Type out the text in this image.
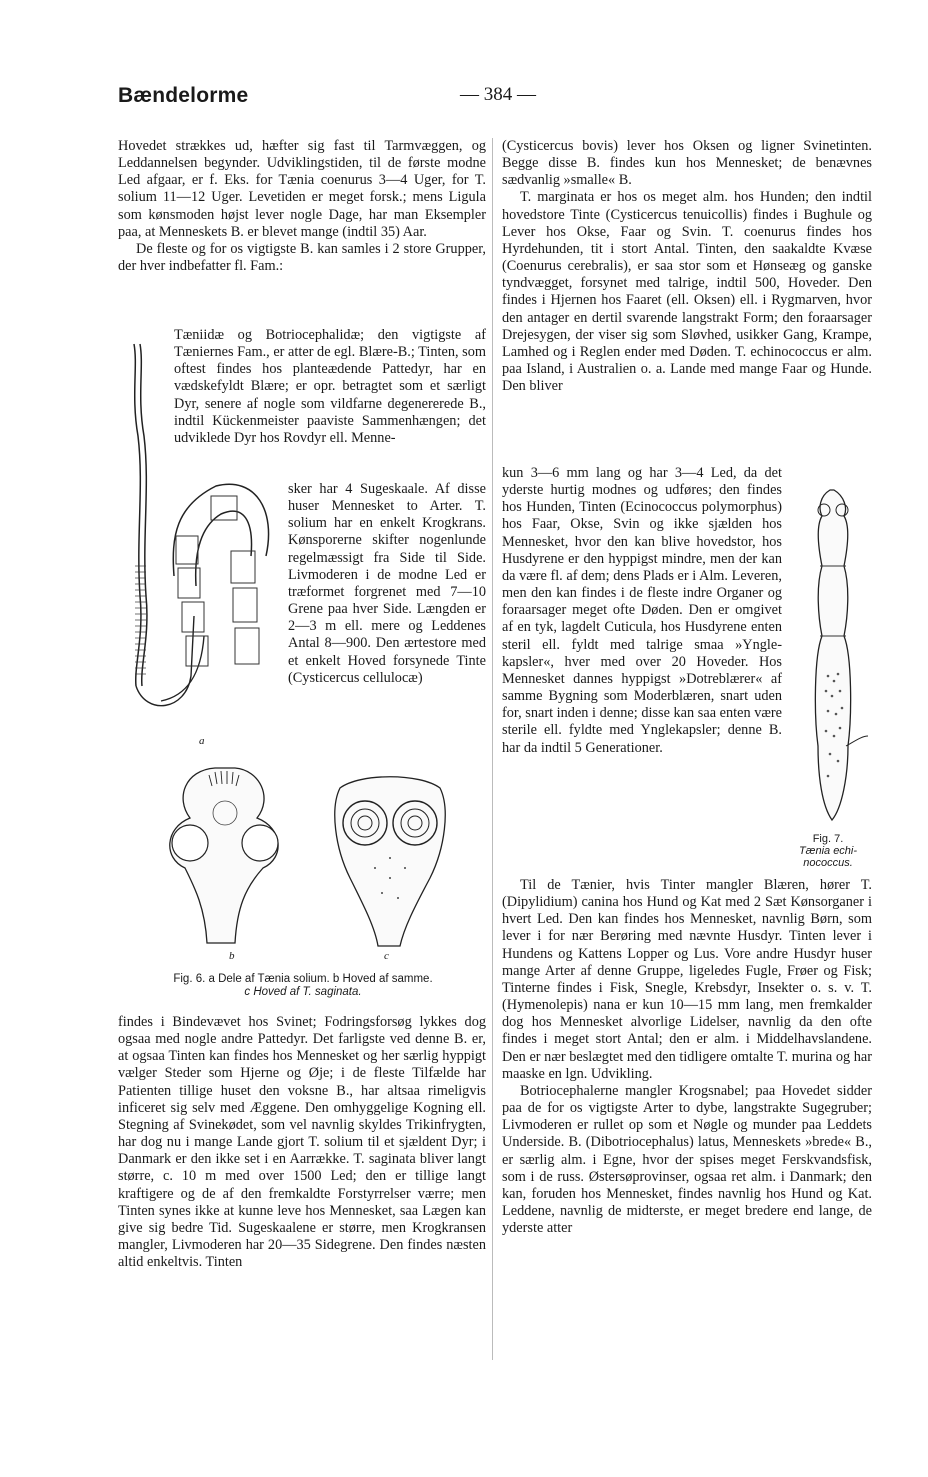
Bændelorme	— 384 —

Hovedet strækkes ud, hæfter sig fast til Tarmvæggen, og Leddannelsen begynder. Udviklingstiden, til de første modne Led afgaar, er f. Eks. for Tænia coenurus 3—4 Uger, for T. solium 11—12 Uger. Levetiden er meget forsk.; mens Ligula som kønsmoden højst lever nogle Dage, har man Eksempler paa, at Menneskets B. er blevet mange (indtil 35) Aar.

De fleste og for os vigtigste B. kan samles i 2 store Grupper, der hver indbefatter fl. Fam.:

Tæniidæ og Botriocephalidæ; den vigtigste af Tæniernes Fam., er atter de egl. Blære-B.; Tinten, som oftest findes hos planteædende Pattedyr, har en vædskefyldt Blære; er opr. betragtet som et særligt Dyr, senere af nogle som vildfarne degenererede B., indtil Kückenmeister paaviste Sammenhængen; det udviklede Dyr hos Rovdyr ell. Menne-
sker har 4 Sugeskaale. Af disse huser Mennesket to Arter. T. solium har en enkelt Krogkrans. Kønsporerne skifter nogenlunde regelmæssigt fra Side til Side. Livmoderen i de modne Led er træformet forgrenet med 7—10 Grene paa hver Side. Længden er 2—3 m ell. mere og Leddenes Antal 8—900. Den ærtestore med et enkelt Hoved forsynede Tinte (Cysticercus cellulocæ)
a
b	c
Fig. 6. a Dele af Tænia solium. b Hoved af samme.
c Hoved af T. saginata.
findes i Bindevævet hos Svinet; Fodringsforsøg lykkes dog ogsaa med nogle andre Pattedyr. Det farligste ved denne B. er, at ogsaa Tinten kan findes hos Mennesket og her særlig hyppigt vælger Steder som Hjerne og Øje; i de fleste Tilfælde har Patienten tillige huset den voksne B., har altsaa rimeligvis inficeret sig selv med Æggene. Den omhyggelige Kogning ell. Stegning af Svinekødet, som vel navnlig skyldes Trikinfrygten, har dog nu i mange Lande gjort T. solium til et sjældent Dyr; i Danmark er den ikke set i en Aarrække. T. saginata bliver langt større, c. 10 m med over 1500 Led; den er tillige langt kraftigere og de af den fremkaldte Forstyrrelser værre; men Tinten synes ikke at kunne leve hos Mennesket, saa Lægen kan give sig bedre Tid. Sugeskaalene er større, men Krogkransen mangler, Livmoderen har 20—35 Sidegrene. Den findes næsten altid enkeltvis. Tinten

(Cysticercus bovis) lever hos Oksen og ligner Svinetinten. Begge disse B. findes kun hos Mennesket; de benævnes sædvanlig »smalle« B.

T. marginata er hos os meget alm. hos Hunden; den indtil hovedstore Tinte (Cysticercus tenuicollis) findes i Bughule og Lever hos Okse, Faar og Svin. T. coenurus findes hos Hyrdehunden, tit i stort Antal. Tinten, den saakaldte Kvæse (Coenurus cerebralis), er saa stor som et Hønseæg og ganske tyndvægget, forsynet med talrige, indtil 500, Hoveder. Den findes i Hjernen hos Faaret (ell. Oksen) ell. i Rygmarven, hvor den antager en dertil svarende langstrakt Form; den foraarsager Drejesygen, der viser sig som Sløvhed, usikker Gang, Krampe, Lamhed og i Reglen ender med Døden. T. echinococcus er alm. paa Island, i Australien o. a. Lande med mange Faar og Hunde. Den bliver

kun 3—6 mm lang og har 3—4 Led, da det yderste hurtig modnes og udføres; den findes hos Hunden, Tinten (Ecinococcus polymorphus) hos Faar, Okse, Svin og ikke sjælden hos Mennesket, hvor den kan blive hovedstor, hos Husdyrene er den hyppigst mindre, men der kan da være fl. af dem; dens Plads er i Alm. Leveren, men den kan findes i de fleste indre Organer og foraarsager meget ofte Døden. Den er omgivet af en tyk, lagdelt Cuticula, hos Husdyrene enten steril ell. fyldt med talrige smaa »Yngle-kapsler«, hver med over 20 Hoveder. Hos Mennesket dannes hyppigst »Dotreblærer« af samme Bygning som Moderblæren, snart uden for, snart inden i denne; disse kan saa enten være sterile ell. fyldte med Ynglekapsler; denne B. har da indtil 5 Generationer.
Fig. 7.
Tænia echi-
nococcus.

Til de Tænier, hvis Tinter mangler Blæren, hører T. (Dipylidium) canina hos Hund og Kat med 2 Sæt Kønsorganer i hvert Led. Den kan findes hos Mennesket, navnlig Børn, som lever i for nær Berøring med nævnte Husdyr. Tinten lever i Hundens og Kattens Lopper og Lus. Vore andre Husdyr huser mange Arter af denne Gruppe, ligeledes Fugle, Frøer og Fisk; Tinterne findes i Fisk, Snegle, Krebsdyr, Insekter o. s. v. T. (Hymenolepis) nana er kun 10—15 mm lang, men fremkalder dog hos Mennesket alvorlige Lidelser, navnlig da den ofte findes i meget stort Antal; den er alm. i Middelhavslandene. Den er nær beslægtet med den tidligere omtalte T. murina og har maaske en lgn. Udvikling.

Botriocephalerne mangler Krogsnabel; paa Hovedet sidder paa de for os vigtigste Arter to dybe, langstrakte Sugegruber; Livmoderen er rullet op som et Nøgle og munder paa Leddets Underside. B. (Dibotriocephalus) latus, Menneskets »brede« B., er særlig alm. i Egne, hvor der spises meget Ferskvandsfisk, som i de russ. Østersøprovinser, ogsaa ret alm. i Danmark; den kan, foruden hos Mennesket, findes navnlig hos Hund og Kat. Leddene, navnlig de midterste, er meget bredere end lange, de yderste atter
